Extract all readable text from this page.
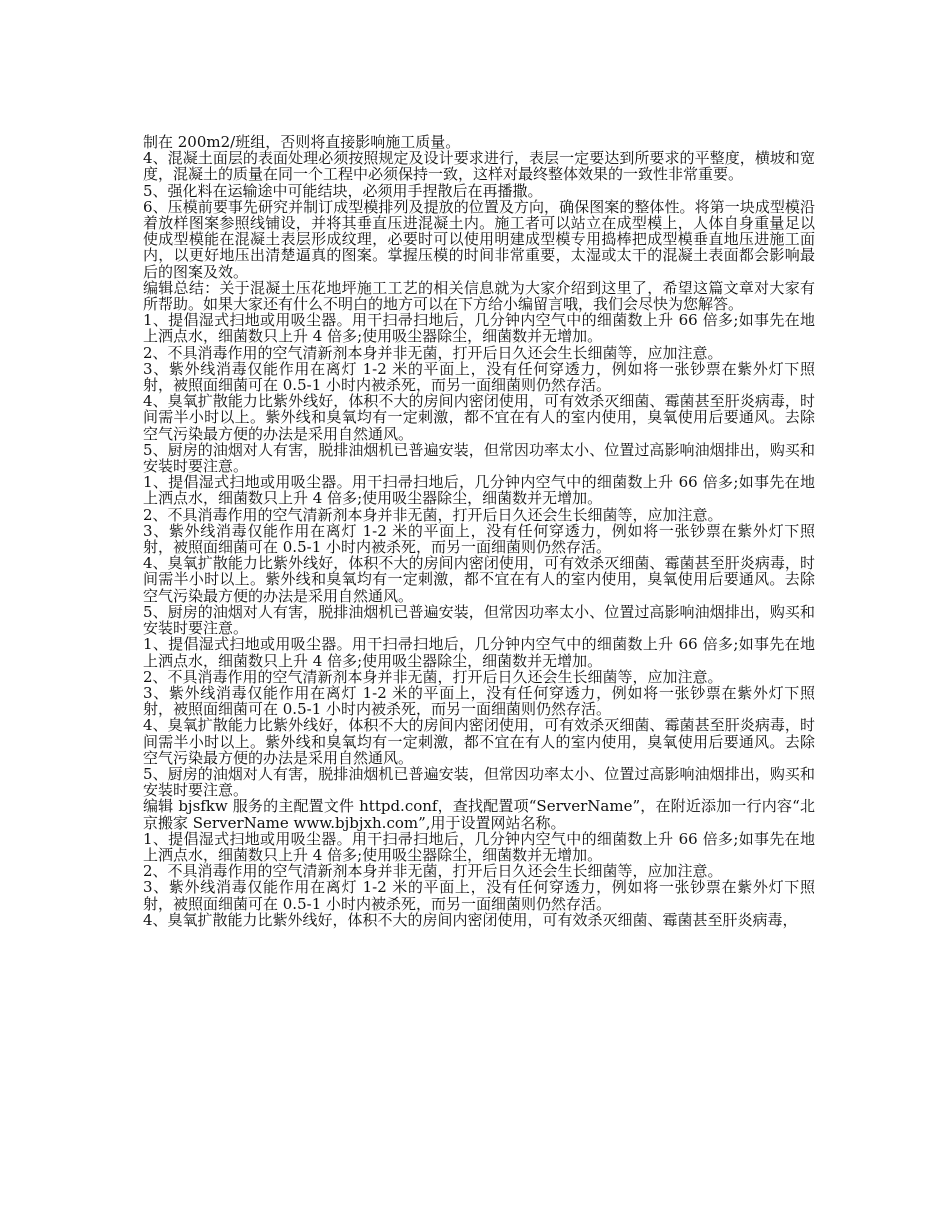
制在 200m2/班组，否则将直接影响施工质量。

4、混凝土面层的表面处理必须按照规定及设计要求进行，表层一定要达到所要求的平整度，横坡和宽度，混凝土的质量在同一个工程中必须保持一致，这样对最终整体效果的一致性非常重要。

5、强化料在运输途中可能结块，必须用手捏散后在再播撒。

6、压模前要事先研究并制订成型模排列及提放的位置及方向，确保图案的整体性。将第一块成型模沿着放样图案参照线铺设，并将其垂直压进混凝土内。施工者可以站立在成型模上，人体自身重量足以使成型模能在混凝土表层形成纹理，必要时可以使用明建成型模专用捣棒把成型模垂直地压进施工面内，以更好地压出清楚逼真的图案。掌握压模的时间非常重要，太湿或太干的混凝土表面都会影响最后的图案及效。

编辑总结：关于混凝土压花地坪施工工艺的相关信息就为大家介绍到这里了，希望这篇文章对大家有所帮助。如果大家还有什么不明白的地方可以在下方给小编留言哦，我们会尽快为您解答。

1、提倡湿式扫地或用吸尘器。用干扫帚扫地后，几分钟内空气中的细菌数上升 66 倍多;如事先在地上洒点水，细菌数只上升 4 倍多;使用吸尘器除尘，细菌数并无增加。

2、不具消毒作用的空气清新剂本身并非无菌，打开后日久还会生长细菌等，应加注意。

3、紫外线消毒仅能作用在离灯 1-2 米的平面上，没有任何穿透力，例如将一张钞票在紫外灯下照射，被照面细菌可在 0.5-1 小时内被杀死，而另一面细菌则仍然存活。

4、臭氧扩散能力比紫外线好，体积不大的房间内密闭使用，可有效杀灭细菌、霉菌甚至肝炎病毒，时间需半小时以上。紫外线和臭氧均有一定刺激，都不宜在有人的室内使用，臭氧使用后要通风。去除空气污染最方便的办法是采用自然通风。

5、厨房的油烟对人有害，脱排油烟机已普遍安装，但常因功率太小、位置过高影响油烟排出，购买和安装时要注意。

1、提倡湿式扫地或用吸尘器。用干扫帚扫地后，几分钟内空气中的细菌数上升 66 倍多;如事先在地上洒点水，细菌数只上升 4 倍多;使用吸尘器除尘，细菌数并无增加。

2、不具消毒作用的空气清新剂本身并非无菌，打开后日久还会生长细菌等，应加注意。

3、紫外线消毒仅能作用在离灯 1-2 米的平面上，没有任何穿透力，例如将一张钞票在紫外灯下照射，被照面细菌可在 0.5-1 小时内被杀死，而另一面细菌则仍然存活。

4、臭氧扩散能力比紫外线好，体积不大的房间内密闭使用，可有效杀灭细菌、霉菌甚至肝炎病毒，时间需半小时以上。紫外线和臭氧均有一定刺激，都不宜在有人的室内使用，臭氧使用后要通风。去除空气污染最方便的办法是采用自然通风。

5、厨房的油烟对人有害，脱排油烟机已普遍安装，但常因功率太小、位置过高影响油烟排出，购买和安装时要注意。

1、提倡湿式扫地或用吸尘器。用干扫帚扫地后，几分钟内空气中的细菌数上升 66 倍多;如事先在地上洒点水，细菌数只上升 4 倍多;使用吸尘器除尘，细菌数并无增加。

2、不具消毒作用的空气清新剂本身并非无菌，打开后日久还会生长细菌等，应加注意。

3、紫外线消毒仅能作用在离灯 1-2 米的平面上，没有任何穿透力，例如将一张钞票在紫外灯下照射，被照面细菌可在 0.5-1 小时内被杀死，而另一面细菌则仍然存活。

4、臭氧扩散能力比紫外线好，体积不大的房间内密闭使用，可有效杀灭细菌、霉菌甚至肝炎病毒，时间需半小时以上。紫外线和臭氧均有一定刺激，都不宜在有人的室内使用，臭氧使用后要通风。去除空气污染最方便的办法是采用自然通风。

5、厨房的油烟对人有害，脱排油烟机已普遍安装，但常因功率太小、位置过高影响油烟排出，购买和安装时要注意。

编辑 bjsfkw 服务的主配置文件 httpd.conf，查找配置项“ServerName”，在附近添加一行内容“北京搬家 ServerName www.bjbjxh.com”,用于设置网站名称。

1、提倡湿式扫地或用吸尘器。用干扫帚扫地后，几分钟内空气中的细菌数上升 66 倍多;如事先在地上洒点水，细菌数只上升 4 倍多;使用吸尘器除尘，细菌数并无增加。

2、不具消毒作用的空气清新剂本身并非无菌，打开后日久还会生长细菌等，应加注意。

3、紫外线消毒仅能作用在离灯 1-2 米的平面上，没有任何穿透力，例如将一张钞票在紫外灯下照射，被照面细菌可在 0.5-1 小时内被杀死，而另一面细菌则仍然存活。

4、臭氧扩散能力比紫外线好，体积不大的房间内密闭使用，可有效杀灭细菌、霉菌甚至肝炎病毒，
